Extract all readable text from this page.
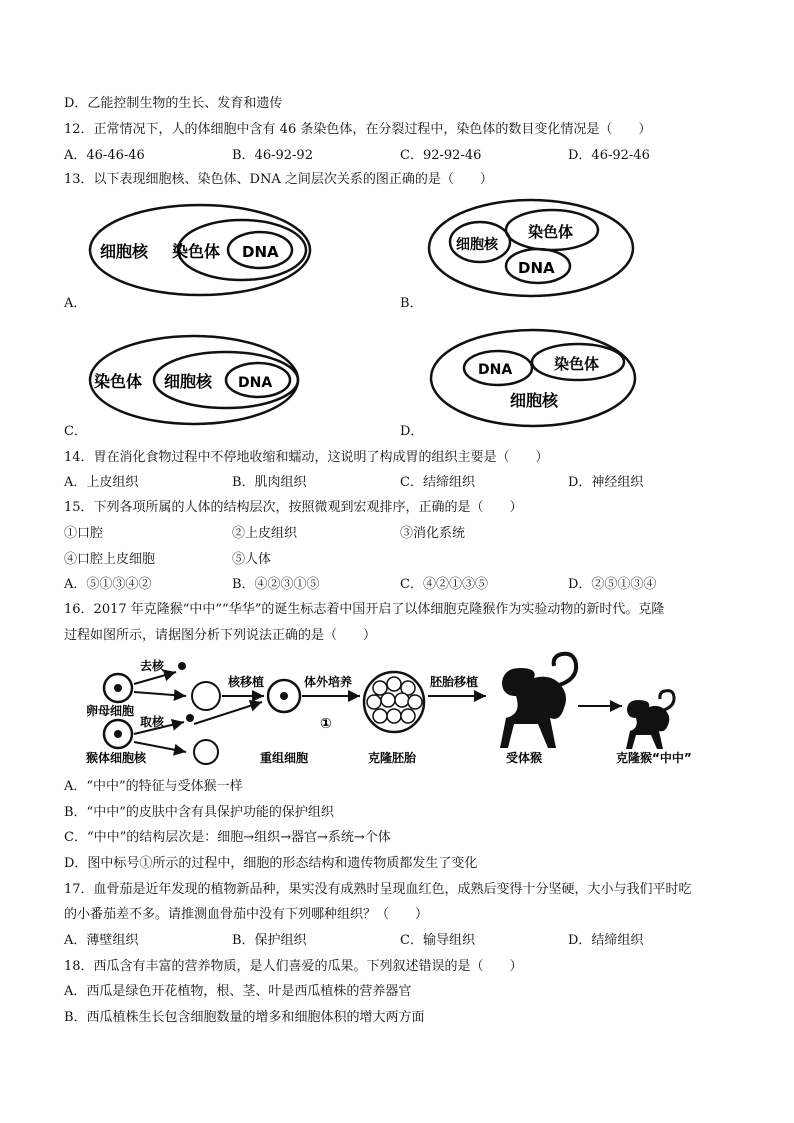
D．乙能控制生物的生长、发育和遗传
12．正常情况下，人的体细胞中含有 46 条染色体，在分裂过程中，染色体的数目变化情况是（　　）
A．46-46-46	B．46-92-92	C．92-92-46	D．46-92-46
13．以下表现细胞核、染色体、DNA 之间层次关系的图正确的是（　　）
细胞核 染色体 DNA
A．
细胞核
染色体
DNA
B．
染色体 细胞核 DNA
C．
DNA	染色体
细胞核
D．
14．胃在消化食物过程中不停地收缩和蠕动，这说明了构成胃的组织主要是（　　）
A．上皮组织	B．肌肉组织	C．结缔组织	D．神经组织
15．下列各项所属的人体的结构层次，按照微观到宏观排序，正确的是（　　）
①口腔	②上皮组织	③消化系统
④口腔上皮细胞	⑤人体
A．⑤①③④②	B．④②③①⑤	C．④②①③⑤	D．②⑤①③④
16．2017 年克隆猴“中中”“华华”的诞生标志着中国开启了以体细胞克隆猴作为实验动物的新时代。克隆
过程如图所示，请据图分析下列说法正确的是（　　）
卵母细胞
猴体细胞核
去核
取核
核移植
重组细胞
体外培养
①
克隆胚胎
胚胎移植
受体猴	克隆猴“中中”
A．“中中”的特征与受体猴一样
B．“中中”的皮肤中含有具保护功能的保护组织
C．“中中”的结构层次是：细胞→组织→器官→系统→个体
D．图中标号①所示的过程中，细胞的形态结构和遗传物质都发生了变化
17．血骨茄是近年发现的植物新品种，果实没有成熟时呈现血红色，成熟后变得十分坚硬，大小与我们平时吃
的小番茄差不多。请推测血骨茄中没有下列哪种组织？（　　）
A．薄壁组织	B．保护组织	C．输导组织	D．结缔组织
18．西瓜含有丰富的营养物质，是人们喜爱的瓜果。下列叙述错误的是（　　）
A．西瓜是绿色开花植物，根、茎、叶是西瓜植株的营养器官
B．西瓜植株生长包含细胞数量的增多和细胞体积的增大两方面
